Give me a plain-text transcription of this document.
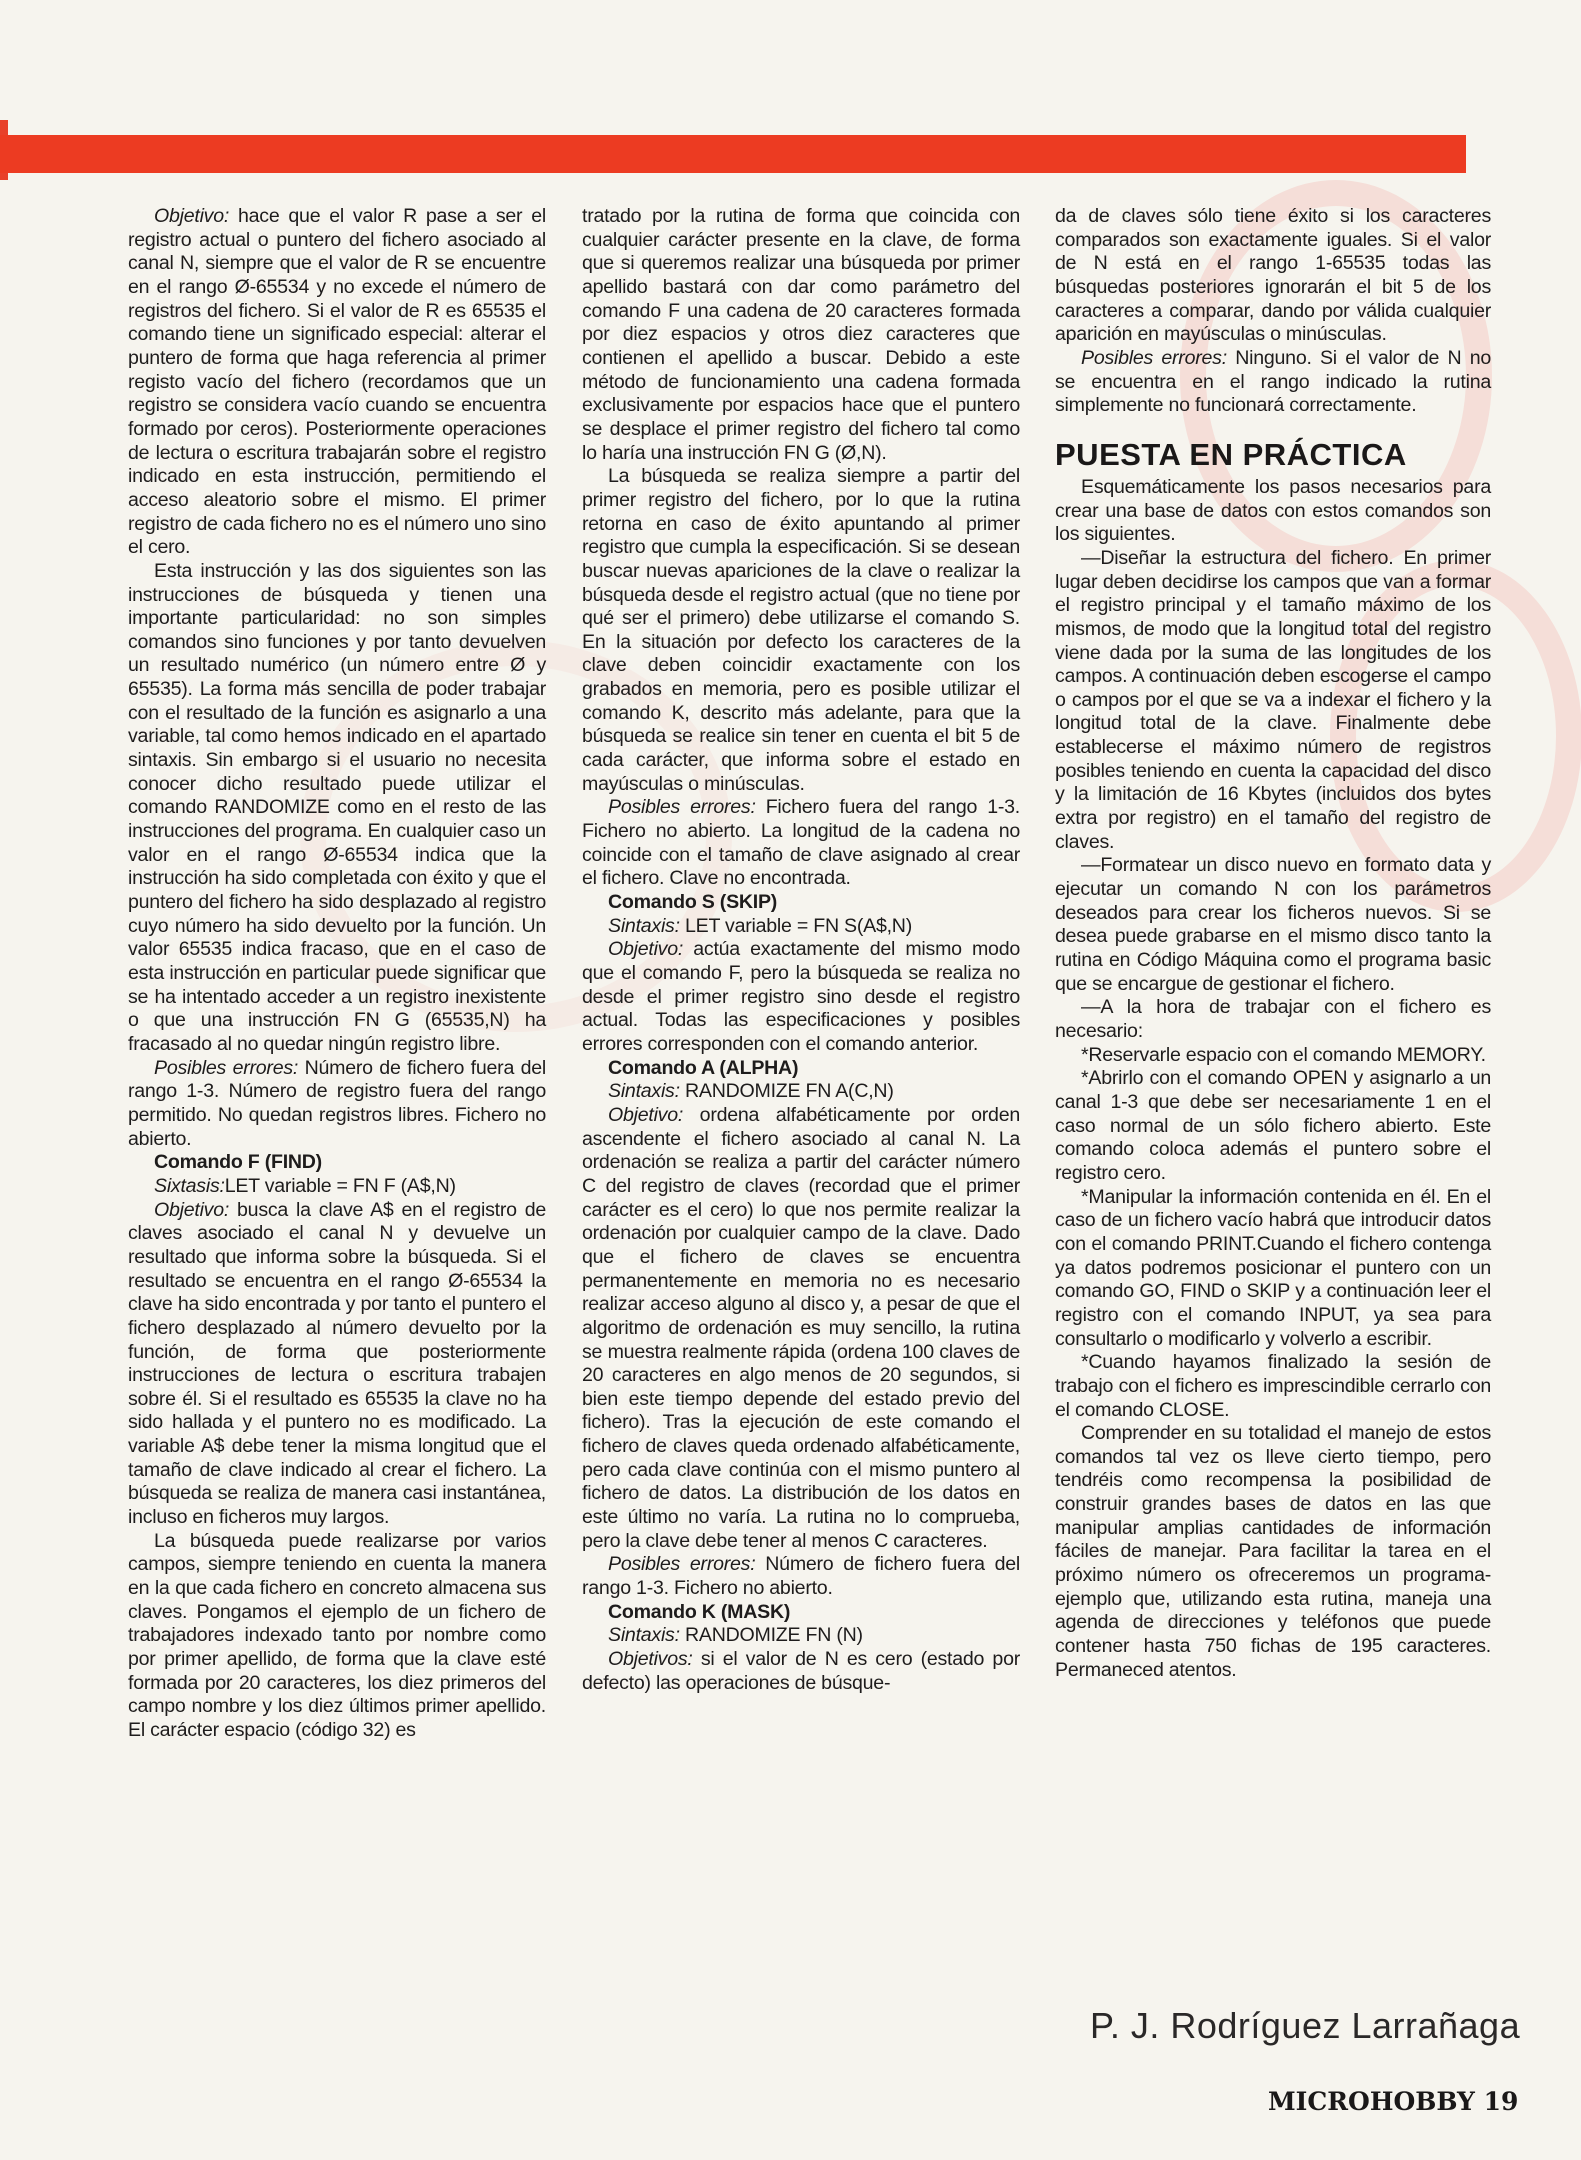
Objetivo: hace que el valor R pase a ser el registro actual o puntero del fichero asociado al canal N, siempre que el valor de R se encuentre en el rango Ø-65534 y no excede el número de registros del fichero. Si el valor de R es 65535 el comando tiene un significado especial: alterar el puntero de forma que haga referencia al primer registo vacío del fichero (recordamos que un registro se considera vacío cuando se encuentra formado por ceros). Posteriormente operaciones de lectura o escritura trabajarán sobre el registro indicado en esta instrucción, permitiendo el acceso aleatorio sobre el mismo. El primer registro de cada fichero no es el número uno sino el cero.

Esta instrucción y las dos siguientes son las instrucciones de búsqueda y tienen una importante particularidad: no son simples comandos sino funciones y por tanto devuelven un resultado numérico (un número entre Ø y 65535). La forma más sencilla de poder trabajar con el resultado de la función es asignarlo a una variable, tal como hemos indicado en el apartado sintaxis. Sin embargo si el usuario no necesita conocer dicho resultado puede utilizar el comando RANDOMIZE como en el resto de las instrucciones del programa. En cualquier caso un valor en el rango Ø-65534 indica que la instrucción ha sido completada con éxito y que el puntero del fichero ha sido desplazado al registro cuyo número ha sido devuelto por la función. Un valor 65535 indica fracaso, que en el caso de esta instrucción en particular puede significar que se ha intentado acceder a un registro inexistente o que una instrucción FN G (65535,N) ha fracasado al no quedar ningún registro libre.

Posibles errores: Número de fichero fuera del rango 1-3. Número de registro fuera del rango permitido. No quedan registros libres. Fichero no abierto.

Comando F (FIND)

Sixtasis:LET variable = FN F (A$,N)

Objetivo: busca la clave A$ en el registro de claves asociado el canal N y devuelve un resultado que informa sobre la búsqueda. Si el resultado se encuentra en el rango Ø-65534 la clave ha sido encontrada y por tanto el puntero el fichero desplazado al número devuelto por la función, de forma que posteriormente instrucciones de lectura o escritura trabajen sobre él. Si el resultado es 65535 la clave no ha sido hallada y el puntero no es modificado. La variable A$ debe tener la misma longitud que el tamaño de clave indicado al crear el fichero. La búsqueda se realiza de manera casi instantánea, incluso en ficheros muy largos.

La búsqueda puede realizarse por varios campos, siempre teniendo en cuenta la manera en la que cada fichero en concreto almacena sus claves. Pongamos el ejemplo de un fichero de trabajadores indexado tanto por nombre como por primer apellido, de forma que la clave esté formada por 20 caracteres, los diez primeros del campo nombre y los diez últimos primer apellido. El carácter espacio (código 32) es

tratado por la rutina de forma que coincida con cualquier carácter presente en la clave, de forma que si queremos realizar una búsqueda por primer apellido bastará con dar como parámetro del comando F una cadena de 20 caracteres formada por diez espacios y otros diez caracteres que contienen el apellido a buscar. Debido a este método de funcionamiento una cadena formada exclusivamente por espacios hace que el puntero se desplace el primer registro del fichero tal como lo haría una instrucción FN G (Ø,N).

La búsqueda se realiza siempre a partir del primer registro del fichero, por lo que la rutina retorna en caso de éxito apuntando al primer registro que cumpla la especificación. Si se desean buscar nuevas apariciones de la clave o realizar la búsqueda desde el registro actual (que no tiene por qué ser el primero) debe utilizarse el comando S. En la situación por defecto los caracteres de la clave deben coincidir exactamente con los grabados en memoria, pero es posible utilizar el comando K, descrito más adelante, para que la búsqueda se realice sin tener en cuenta el bit 5 de cada carácter, que informa sobre el estado en mayúsculas o minúsculas.

Posibles errores: Fichero fuera del rango 1-3. Fichero no abierto. La longitud de la cadena no coincide con el tamaño de clave asignado al crear el fichero. Clave no encontrada.

Comando S (SKIP)

Sintaxis: LET variable = FN S(A$,N)

Objetivo: actúa exactamente del mismo modo que el comando F, pero la búsqueda se realiza no desde el primer registro sino desde el registro actual. Todas las especificaciones y posibles errores corresponden con el comando anterior.

Comando A (ALPHA)

Sintaxis: RANDOMIZE FN A(C,N)

Objetivo: ordena alfabéticamente por orden ascendente el fichero asociado al canal N. La ordenación se realiza a partir del carácter número C del registro de claves (recordad que el primer carácter es el cero) lo que nos permite realizar la ordenación por cualquier campo de la clave. Dado que el fichero de claves se encuentra permanentemente en memoria no es necesario realizar acceso alguno al disco y, a pesar de que el algoritmo de ordenación es muy sencillo, la rutina se muestra realmente rápida (ordena 100 claves de 20 caracteres en algo menos de 20 segundos, si bien este tiempo depende del estado previo del fichero). Tras la ejecución de este comando el fichero de claves queda ordenado alfabéticamente, pero cada clave continúa con el mismo puntero al fichero de datos. La distribución de los datos en este último no varía. La rutina no lo comprueba, pero la clave debe tener al menos C caracteres.

Posibles errores: Número de fichero fuera del rango 1-3. Fichero no abierto.

Comando K (MASK)

Sintaxis: RANDOMIZE FN (N)

Objetivos: si el valor de N es cero (estado por defecto) las operaciones de búsque-

da de claves sólo tiene éxito si los caracteres comparados son exactamente iguales. Si el valor de N está en el rango 1-65535 todas las búsquedas posteriores ignorarán el bit 5 de los caracteres a comparar, dando por válida cualquier aparición en mayúsculas o minúsculas.

Posibles errores: Ninguno. Si el valor de N no se encuentra en el rango indicado la rutina simplemente no funcionará correctamente.

PUESTA EN PRÁCTICA

Esquemáticamente los pasos necesarios para crear una base de datos con estos comandos son los siguientes.

—Diseñar la estructura del fichero. En primer lugar deben decidirse los campos que van a formar el registro principal y el tamaño máximo de los mismos, de modo que la longitud total del registro viene dada por la suma de las longitudes de los campos. A continuación deben escogerse el campo o campos por el que se va a indexar el fichero y la longitud total de la clave. Finalmente debe establecerse el máximo número de registros posibles teniendo en cuenta la capacidad del disco y la limitación de 16 Kbytes (incluidos dos bytes extra por registro) en el tamaño del registro de claves.

—Formatear un disco nuevo en formato data y ejecutar un comando N con los parámetros deseados para crear los ficheros nuevos. Si se desea puede grabarse en el mismo disco tanto la rutina en Código Máquina como el programa basic que se encargue de gestionar el fichero.

—A la hora de trabajar con el fichero es necesario:

*Reservarle espacio con el comando MEMORY.

*Abrirlo con el comando OPEN y asignarlo a un canal 1-3 que debe ser necesariamente 1 en el caso normal de un sólo fichero abierto. Este comando coloca además el puntero sobre el registro cero.

*Manipular la información contenida en él. En el caso de un fichero vacío habrá que introducir datos con el comando PRINT.Cuando el fichero contenga ya datos podremos posicionar el puntero con un comando GO, FIND o SKIP y a continuación leer el registro con el comando INPUT, ya sea para consultarlo o modificarlo y volverlo a escribir.

*Cuando hayamos finalizado la sesión de trabajo con el fichero es imprescindible cerrarlo con el comando CLOSE.

Comprender en su totalidad el manejo de estos comandos tal vez os lleve cierto tiempo, pero tendréis como recompensa la posibilidad de construir grandes bases de datos en las que manipular amplias cantidades de información fáciles de manejar. Para facilitar la tarea en el próximo número os ofreceremos un programa-ejemplo que, utilizando esta rutina, maneja una agenda de direcciones y teléfonos que puede contener hasta 750 fichas de 195 caracteres. Permaneced atentos.

P. J. Rodríguez Larrañaga
MICROHOBBY 19
